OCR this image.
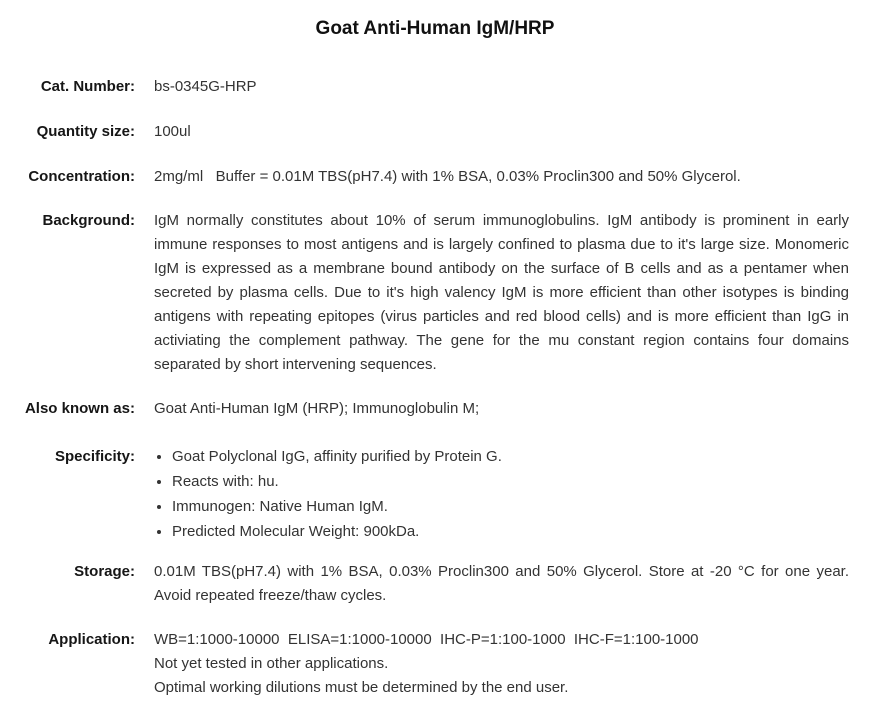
Goat Anti-Human IgM/HRP
Cat. Number: bs-0345G-HRP
Quantity size: 100ul
Concentration: 2mg/ml   Buffer = 0.01M TBS(pH7.4) with 1% BSA, 0.03% Proclin300 and 50% Glycerol.
Background: IgM normally constitutes about 10% of serum immunoglobulins. IgM antibody is prominent in early immune responses to most antigens and is largely confined to plasma due to it's large size. Monomeric IgM is expressed as a membrane bound antibody on the surface of B cells and as a pentamer when secreted by plasma cells. Due to it's high valency IgM is more efficient than other isotypes is binding antigens with repeating epitopes (virus particles and red blood cells) and is more efficient than IgG in activiating the complement pathway. The gene for the mu constant region contains four domains separated by short intervening sequences.
Also known as: Goat Anti-Human IgM (HRP); Immunoglobulin M;
Specificity: • Goat Polyclonal IgG, affinity purified by Protein G.
• Reacts with: hu.
• Immunogen: Native Human IgM.
• Predicted Molecular Weight: 900kDa.
Storage: 0.01M TBS(pH7.4) with 1% BSA, 0.03% Proclin300 and 50% Glycerol. Store at -20 °C for one year. Avoid repeated freeze/thaw cycles.
Application: WB=1:1000-10000  ELISA=1:1000-10000  IHC-P=1:100-1000  IHC-F=1:100-1000
Not yet tested in other applications.
Optimal working dilutions must be determined by the end user.
